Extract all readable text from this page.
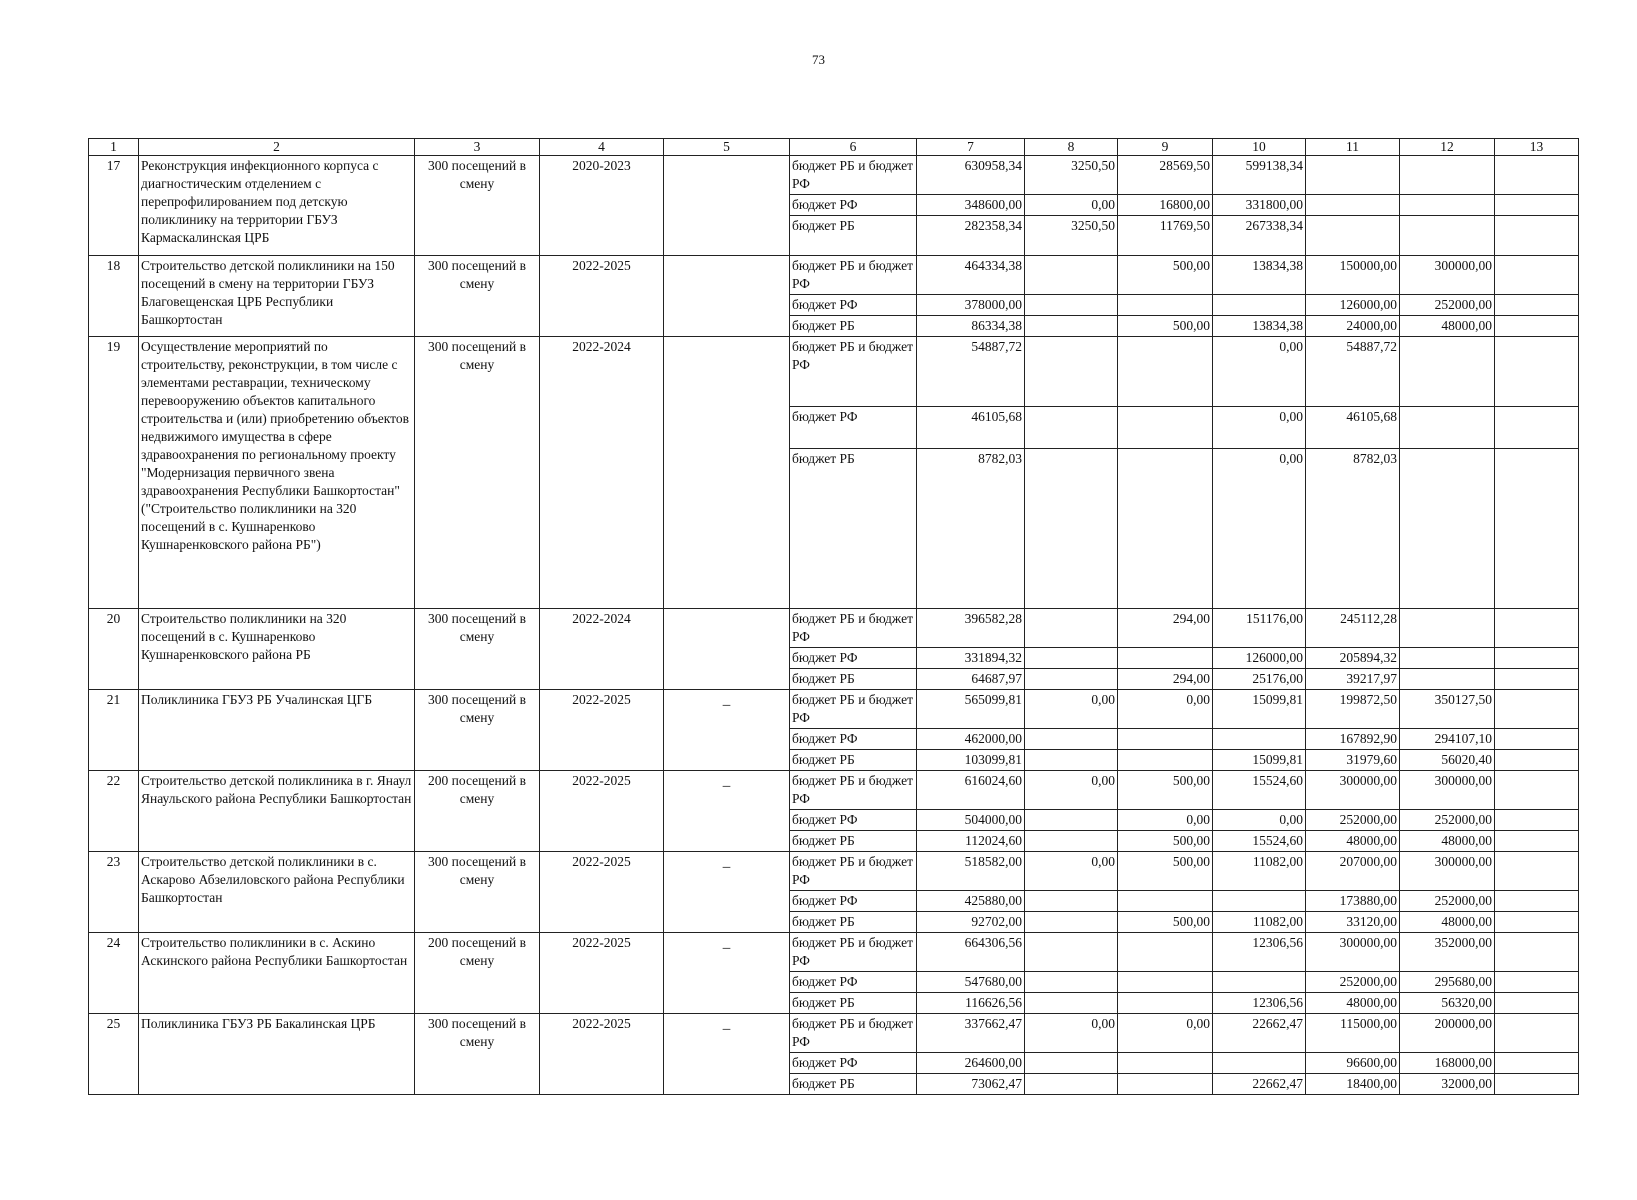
73
1	2	3	4	5	6	7	8	9	10	11	12	13
17	Реконструкция инфекционного корпуса с диагностическим отделением с перепрофилированием под детскую поликлинику на территории ГБУЗ Кармаскалинская ЦРБ	300 посещений в смену	2020-2023		бюджет РБ и бюджет РФ	630958,34	3250,50	28569,50	599138,34			
					бюджет РФ	348600,00	0,00	16800,00	331800,00			
					бюджет РБ	282358,34	3250,50	11769,50	267338,34			
18	Строительство детской поликлиники на 150 посещений в смену на территории ГБУЗ Благовещенская ЦРБ Республики Башкортостан	300 посещений в смену	2022-2025		бюджет РБ и бюджет РФ	464334,38		500,00	13834,38	150000,00	300000,00	
					бюджет РФ	378000,00				126000,00	252000,00	
					бюджет РБ	86334,38		500,00	13834,38	24000,00	48000,00	
19	Осуществление мероприятий по строительству, реконструкции, в том числе с элементами реставрации, техническому перевооружению объектов капитального строительства и (или) приобретению объектов недвижимого имущества в сфере здравоохранения по региональному проекту "Модернизация первичного звена здравоохранения Республики Башкортостан" ("Строительство поликлиники на 320 посещений в с. Кушнаренково Кушнаренковского района РБ")	300 посещений в смену	2022-2024		бюджет РБ и бюджет РФ	54887,72			0,00	54887,72		
					бюджет РФ	46105,68			0,00	46105,68		
					бюджет РБ	8782,03			0,00	8782,03		
20	Строительство поликлиники на 320 посещений в с. Кушнаренково Кушнаренковского района РБ	300 посещений в смену	2022-2024		бюджет РБ и бюджет РФ	396582,28		294,00	151176,00	245112,28		
					бюджет РФ	331894,32			126000,00	205894,32		
					бюджет РБ	64687,97		294,00	25176,00	39217,97		
21	Поликлиника ГБУЗ РБ Учалинская ЦГБ	300 посещений в смену	2022-2025	_	бюджет РБ и бюджет РФ	565099,81	0,00	0,00	15099,81	199872,50	350127,50	
					бюджет РФ	462000,00				167892,90	294107,10	
					бюджет РБ	103099,81			15099,81	31979,60	56020,40	
22	Строительство детской поликлиника в г. Янаул Янаульского района Республики Башкортостан	200 посещений в смену	2022-2025	_	бюджет РБ и бюджет РФ	616024,60	0,00	500,00	15524,60	300000,00	300000,00	
					бюджет РФ	504000,00		0,00	0,00	252000,00	252000,00	
					бюджет РБ	112024,60		500,00	15524,60	48000,00	48000,00	
23	Строительство детской поликлиники в с. Аскарово Абзелиловского района Республики Башкортостан	300 посещений в смену	2022-2025	_	бюджет РБ и бюджет РФ	518582,00	0,00	500,00	11082,00	207000,00	300000,00	
					бюджет РФ	425880,00				173880,00	252000,00	
					бюджет РБ	92702,00		500,00	11082,00	33120,00	48000,00	
24	Строительство поликлиники в с. Аскино Аскинского района Республики Башкортостан	200 посещений в смену	2022-2025	_	бюджет РБ и бюджет РФ	664306,56			12306,56	300000,00	352000,00	
					бюджет РФ	547680,00				252000,00	295680,00	
					бюджет РБ	116626,56			12306,56	48000,00	56320,00	
25	Поликлиника ГБУЗ РБ Бакалинская ЦРБ	300 посещений в смену	2022-2025	_	бюджет РБ и бюджет РФ	337662,47	0,00	0,00	22662,47	115000,00	200000,00	
					бюджет РФ	264600,00				96600,00	168000,00	
					бюджет РБ	73062,47			22662,47	18400,00	32000,00	
